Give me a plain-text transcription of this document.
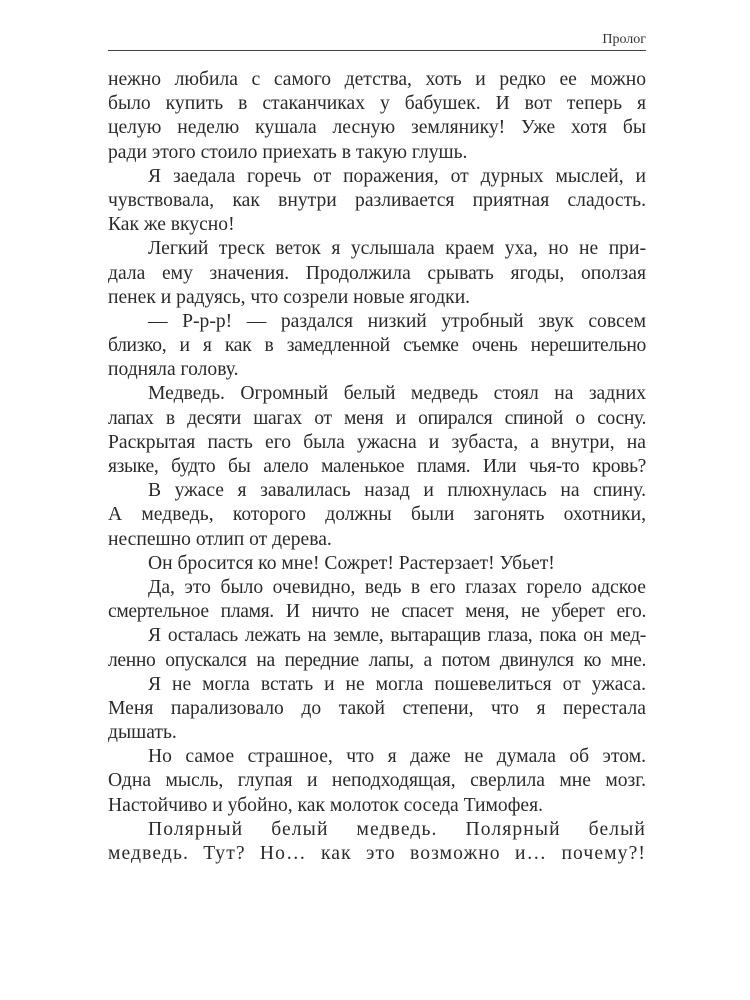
Пролог
нежно любила с самого детства, хоть и редко ее можно
было купить в стаканчиках у бабушек. И вот теперь я
целую неделю кушала лесную землянику! Уже хотя бы
ради этого стоило приехать в такую глушь.
Я заедала горечь от поражения, от дурных мыслей, и
чувствовала, как внутри разливается приятная сладость.
Как же вкусно!
Легкий треск веток я услышала краем уха, но не при-
дала ему значения. Продолжила срывать ягоды, оползая
пенек и радуясь, что созрели новые ягодки.
— Р-р-р! — раздался низкий утробный звук совсем
близко, и я как в замедленной съемке очень нерешительно
подняла голову.
Медведь. Огромный белый медведь стоял на задних
лапах в десяти шагах от меня и опирался спиной о сосну.
Раскрытая пасть его была ужасна и зубаста, а внутри, на
языке, будто бы алело маленькое пламя. Или чья-то кровь?
В ужасе я завалилась назад и плюхнулась на спину.
А медведь, которого должны были загонять охотники,
неспешно отлип от дерева.
Он бросится ко мне! Сожрет! Растерзает! Убьет!
Да, это было очевидно, ведь в его глазах горело адское
смертельное пламя. И ничто не спасет меня, не уберет его.
Я осталась лежать на земле, вытаращив глаза, пока он мед-
ленно опускался на передние лапы, а потом двинулся ко мне.
Я не могла встать и не могла пошевелиться от ужаса.
Меня парализовало до такой степени, что я перестала
дышать.
Но самое страшное, что я даже не думала об этом.
Одна мысль, глупая и неподходящая, сверлила мне мозг.
Настойчиво и убойно, как молоток соседа Тимофея.
Полярный белый медведь. Полярный белый
медведь. Тут? Но… как это возможно и… почему?!
